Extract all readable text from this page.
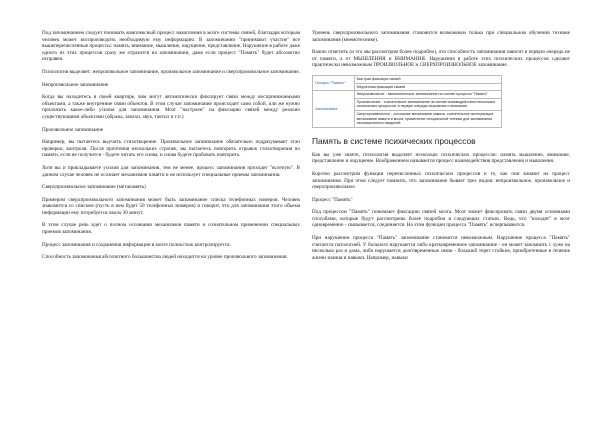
Под запоминанием следует понимать комплексный процесс накопления в мозге системы связей, благодаря которым человек может воспроизводить необходимую ему информацию. В запоминании "принимают участие" все вышеперечисленные процессы: память, внимание, мышление, ощущение, представление. Нарушение в работе даже одного из этих процессов сразу же отразится на запоминании, даже если процесс "Память" будет абсолютно исправен.

Психология выделяет: непроизвольное запоминание, произвольное запоминание и сверхпроизвольное запоминание.

Непроизвольное запоминание

Когда вы находитесь в своей квартире, вам могут автоматически фиксирует связи между воспринимаемыми объектами, а также внутренние связи объектов. В этом случае запоминание происходит само собой, или же нужно приложить какое-либо усилия для запоминания. Мозг "настроен" на фиксацию связей между реально существующими объектами (образы, запахи, звук, тактил и т.п.)

Произвольное запоминание

Например, вы пытаетесь выучить стихотворение. Произвольное запоминание обязательно подразумевает этап проверки, контроля. После прочтения нескольких строчек, вы пытаетесь повторить отрывок стихотворения по памяти, если не получится - будете читать его снова, и снова будете пробовать повторить.

Хотя вы и прикладываете усилия для запоминания, тем не менее, процесс запоминания проходит "вслепую". В данном случае человек не осознает механизмов памяти и не использует специальные приемы запоминания.

Сверхпроизвольное запоминание (метапамять)

Примером сверхпроизвольного запоминания может быть запоминание списка телефонных номеров. Человек знакомится со списком (пусть в нем будет 50 телефонных номеров) и говорит, что для запоминания этого объема информации ему потребуется около 30 минут.

В этом случае речь идет о полном осознании механизмов памяти и сознательном применении специальных приемов запоминания.

Процесс запоминания и сохранения информации в мозге полностью контролируется.

Способность запоминания абсолютного большинства людей находится на уровне произвольного запоминания.

Уровень сверхпроизвольного запоминания становится возможным только при специальном обучении технике запоминания (мнемотехнике).

Важно отметить (и это мы рассмотрим более подробно), что способность запоминания зависит в первую очередь не от памяти, а от МЫШЛЕНИЯ и ВНИМАНИЯ. Нарушения в работе этих психических процессов сделают практически невозможным ПРОИЗВОЛЬНОЕ и СВЕРХПРОИЗВОЛЬНОЕ запоминание.

Процесс "Память"	Быстрая фиксация связей
	Медленная фиксация связей
Запоминание	Непроизвольное - автоматическое запоминание на основе процесса "Память"
	Произвольное - сознательное запоминание на основе взаимодействия нескольких психических процессов, в первую очередь мышления и внимания
	Сверхпроизвольное - осознание механизмов памяти, сознательное эксплуатация механизмов памяти и мозга, применение специальной техники для запоминания неосмысленных сведений
Память в системе психических процессов

Как вы уже знаете, психология выделяет несколько психических процессов: память мышление, внимание, представление и ощущение. Воображением называется процесс взаимодействия представления и мышления.

Коротко рассмотрим функции перечисленных психических процессов и то, как они влияют на процесс запоминания. При этом следует помнить, что запоминание бывает трех видов: непроизвольное, произвольное и сверхпроизвольное.

Процесс "Память"

Под процессом "Память" понимают фиксацию связей мозга. Мозг может фиксировать связи двумя основными способами, которые будут рассмотрены более подробно в следующих статьях. Ведь, что "находят" в мозг одновременно - связывается, соединяется. На этом функции процесса "Память" исчерпываются.

При нарушении процесса "Память" запоминание становится невозможным. Нарушение процесса "Память" считается патологией. У больного нарушается либо кратковременное запоминание - он может запомнить с хуже на несколько раз и дома, либо нарушается долговременные связи - большой терет стойкие, приобретенные в течение жизни знания и навыки. Например, навыки
